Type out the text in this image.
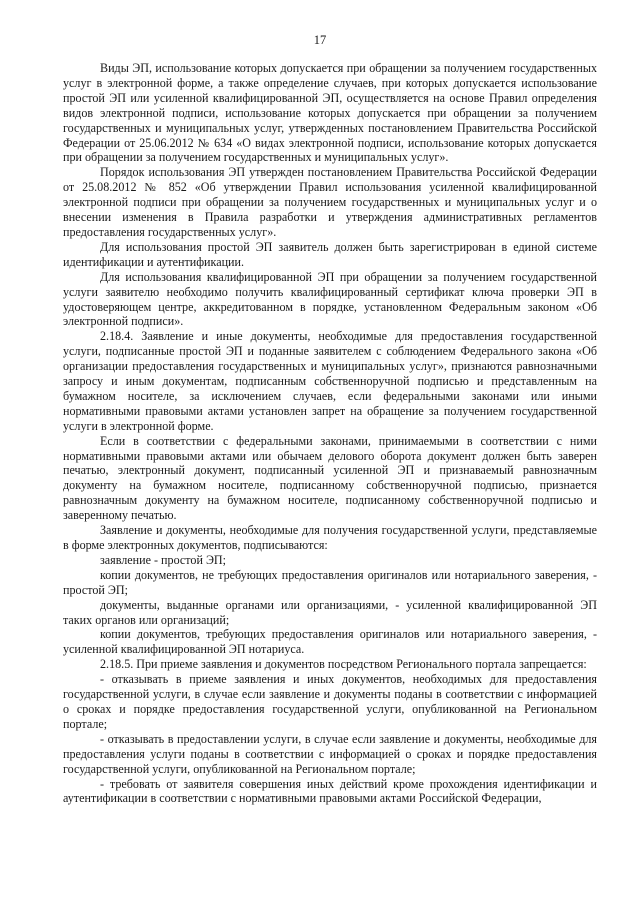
17

Виды ЭП, использование которых допускается при обращении за получением государственных услуг в электронной форме, а также определение случаев, при которых допускается использование простой ЭП или усиленной квалифицированной ЭП, осуществляется на основе Правил определения видов электронной подписи, использование которых допускается при обращении за получением государственных и муниципальных услуг, утвержденных постановлением Правительства Российской Федерации от 25.06.2012 № 634 «О видах электронной подписи, использование которых допускается при обращении за получением государственных и муниципальных услуг».

Порядок использования ЭП утвержден постановлением Правительства Российской Федерации от 25.08.2012 № 852 «Об утверждении Правил использования усиленной квалифицированной электронной подписи при обращении за получением государственных и муниципальных услуг и о внесении изменения в Правила разработки и утверждения административных регламентов предоставления государственных услуг».

Для использования простой ЭП заявитель должен быть зарегистрирован в единой системе идентификации и аутентификации.

Для использования квалифицированной ЭП при обращении за получением государственной услуги заявителю необходимо получить квалифицированный сертификат ключа проверки ЭП в удостоверяющем центре, аккредитованном в порядке, установленном Федеральным законом «Об электронной подписи».

2.18.4. Заявление и иные документы, необходимые для предоставления государственной услуги, подписанные простой ЭП и поданные заявителем с соблюдением Федерального закона «Об организации предоставления государственных и муниципальных услуг», признаются равнозначными запросу и иным документам, подписанным собственноручной подписью и представленным на бумажном носителе, за исключением случаев, если федеральными законами или иными нормативными правовыми актами установлен запрет на обращение за получением государственной услуги в электронной форме.

Если в соответствии с федеральными законами, принимаемыми в соответствии с ними нормативными правовыми актами или обычаем делового оборота документ должен быть заверен печатью, электронный документ, подписанный усиленной ЭП и признаваемый равнозначным документу на бумажном носителе, подписанному собственноручной подписью, признается равнозначным документу на бумажном носителе, подписанному собственноручной подписью и заверенному печатью.

Заявление и документы, необходимые для получения государственной услуги, представляемые в форме электронных документов, подписываются:

заявление - простой ЭП;

копии документов, не требующих предоставления оригиналов или нотариального заверения, - простой ЭП;

документы, выданные органами или организациями, - усиленной квалифицированной ЭП таких органов или организаций;

копии документов, требующих предоставления оригиналов или нотариального заверения, - усиленной квалифицированной ЭП нотариуса.

2.18.5. При приеме заявления и документов посредством Регионального портала запрещается:

- отказывать в приеме заявления и иных документов, необходимых для предоставления государственной услуги, в случае если заявление и документы поданы в соответствии с информацией о сроках и порядке предоставления государственной услуги, опубликованной на Региональном портале;

- отказывать в предоставлении услуги, в случае если заявление и документы, необходимые для предоставления услуги поданы в соответствии с информацией о сроках и порядке предоставления государственной услуги, опубликованной на Региональном портале;

- требовать от заявителя совершения иных действий кроме прохождения идентификации и аутентификации в соответствии с нормативными правовыми актами Российской Федерации,
